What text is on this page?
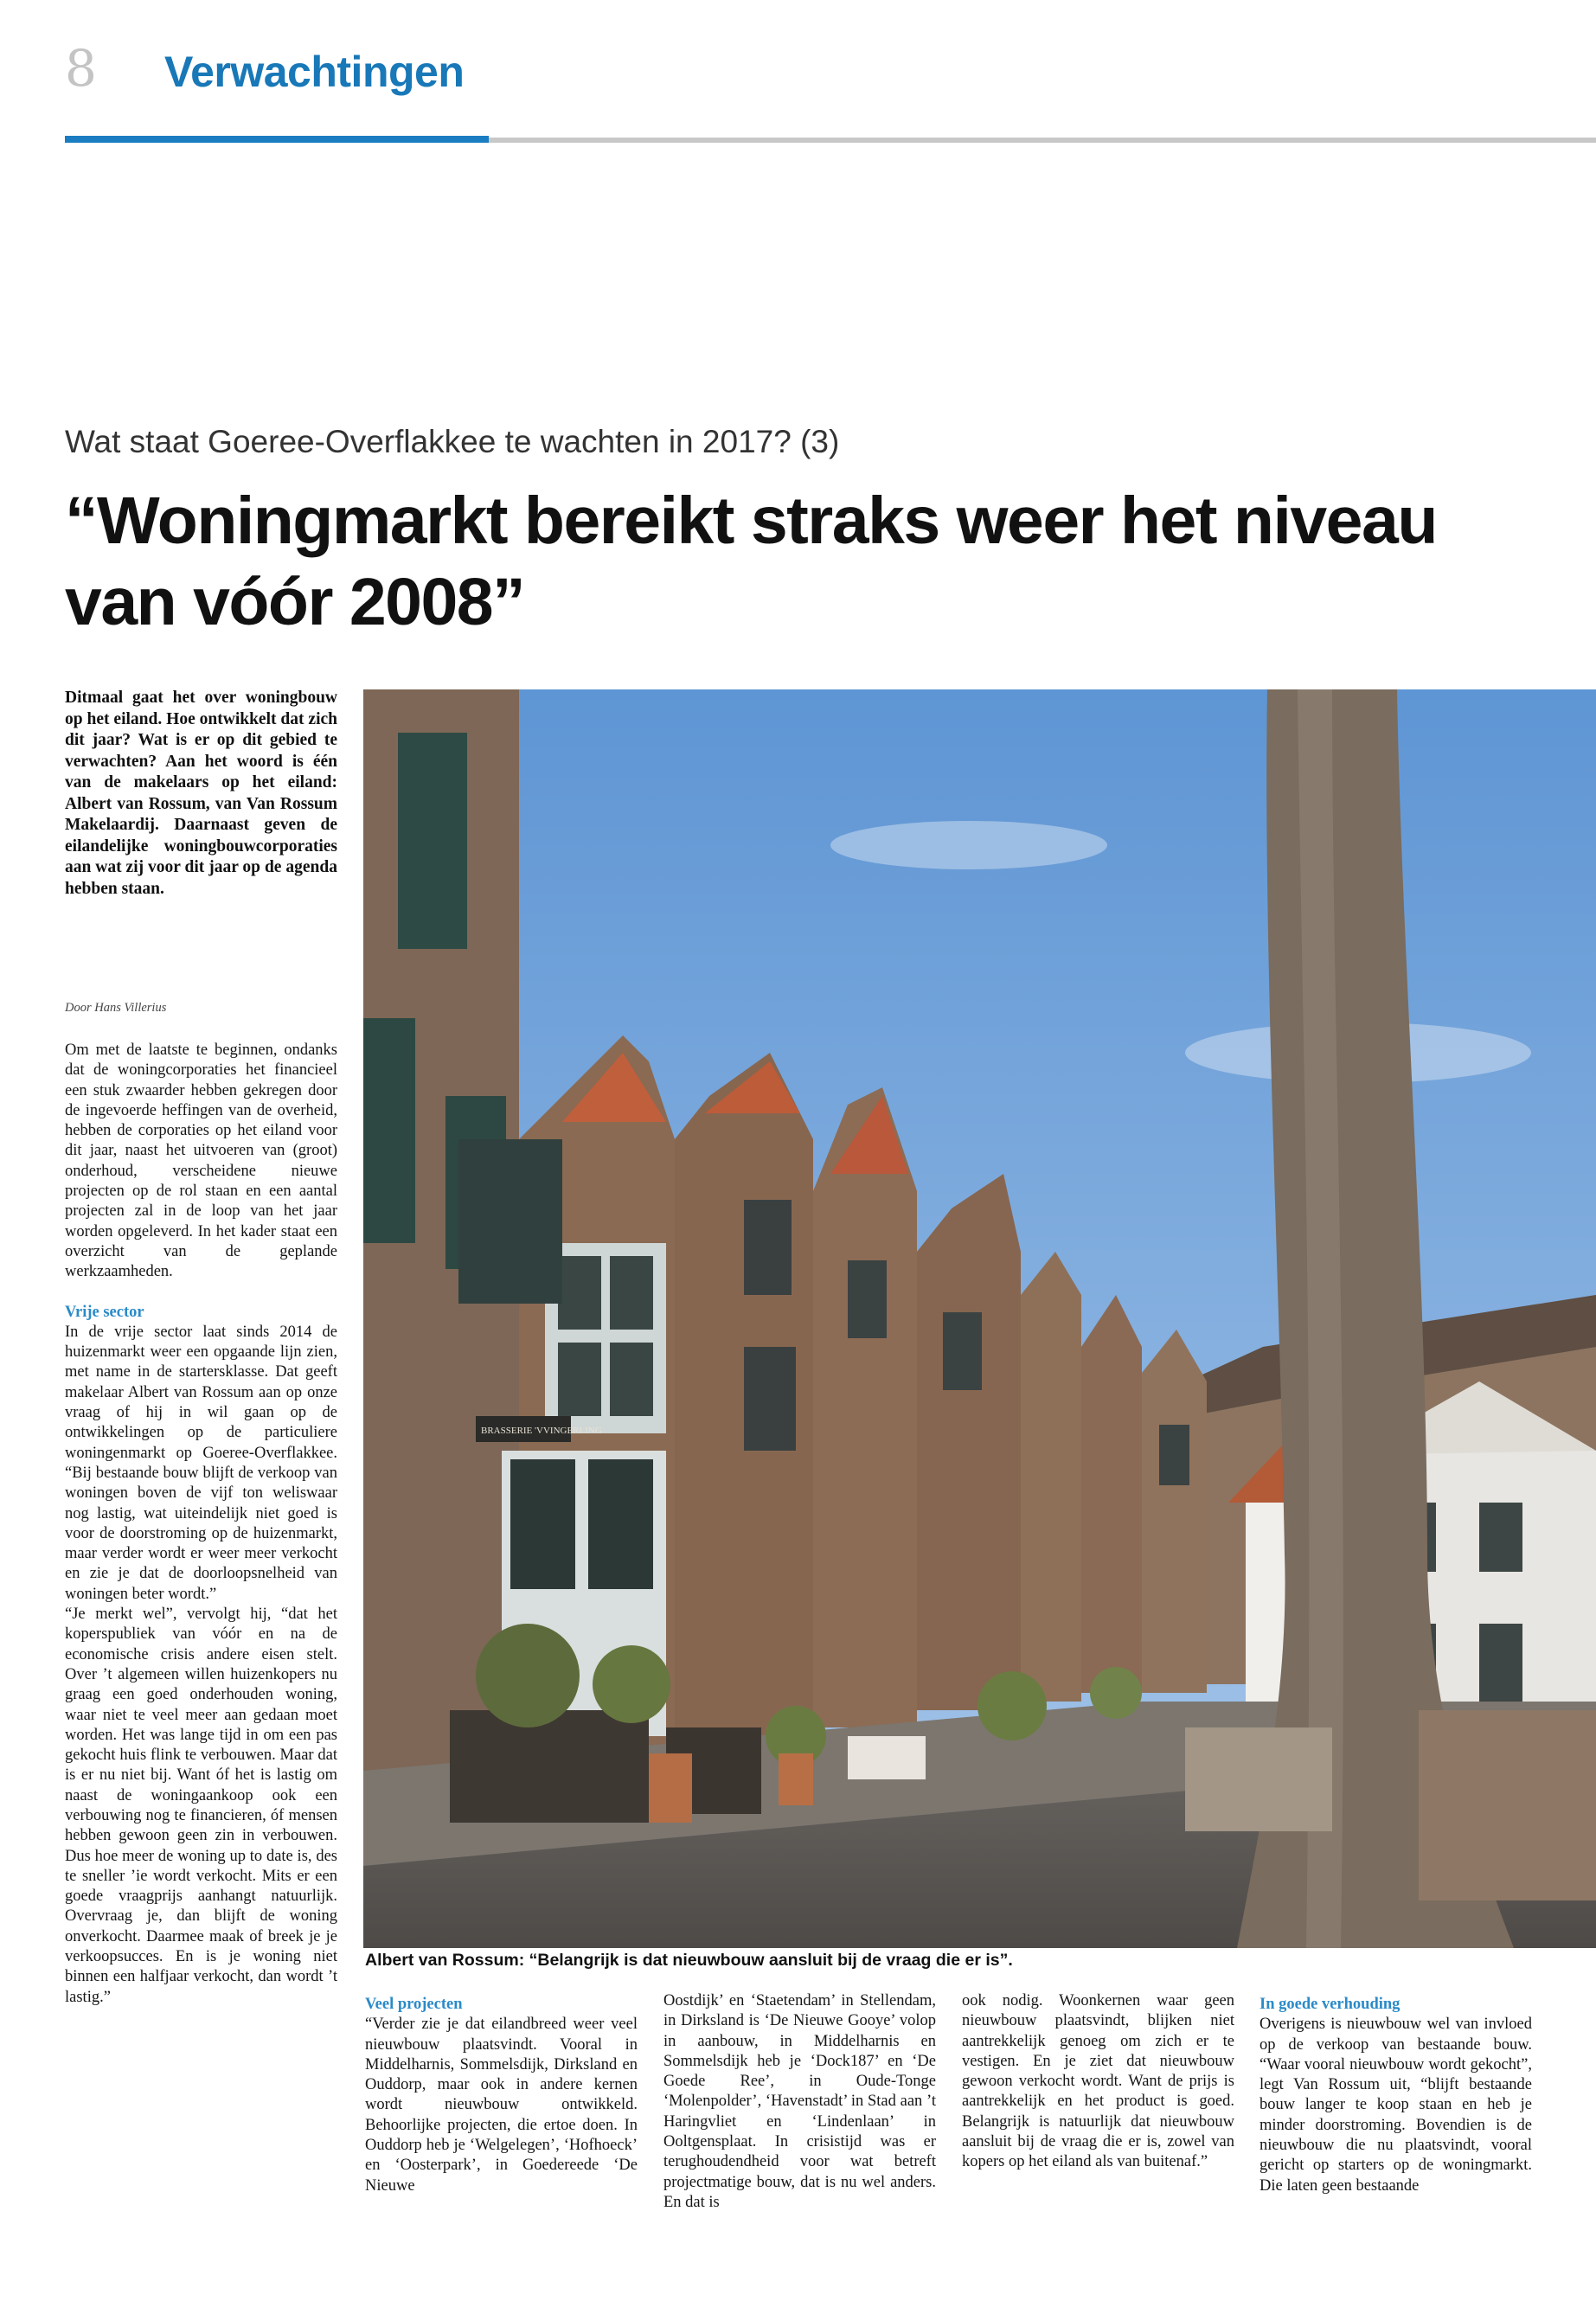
8 Verwachtingen
Wat staat Goeree-Overflakkee te wachten in 2017? (3)
“Woningmarkt bereikt straks weer het niveau van vóór 2008”

Ditmaal gaat het over woningbouw op het eiland. Hoe ontwikkelt dat zich dit jaar? Wat is er op dit gebied te verwachten? Aan het woord is één van de makelaars op het eiland: Albert van Rossum, van Van Rossum Makelaardij. Daarnaast geven de eilandelijke woningbouwcorporaties aan wat zij voor dit jaar op de agenda hebben staan.

Door Hans Villerius

Om met de laatste te beginnen, ondanks dat de woningcorporaties het financieel een stuk zwaarder hebben gekregen door de ingevoerde heffingen van de overheid, hebben de corporaties op het eiland voor dit jaar, naast het uitvoeren van (groot) onderhoud, verscheidene nieuwe projecten op de rol staan en een aantal projecten zal in de loop van het jaar worden opgeleverd. In het kader staat een overzicht van de geplande werkzaamheden.

Vrije sector

In de vrije sector laat sinds 2014 de huizenmarkt weer een opgaande lijn zien, met name in de startersklasse. Dat geeft makelaar Albert van Rossum aan op onze vraag of hij in wil gaan op de ontwikkelingen op de particuliere woningenmarkt op Goeree-Overflakkee. “Bij bestaande bouw blijft de verkoop van woningen boven de vijf ton weliswaar nog lastig, wat uiteindelijk niet goed is voor de doorstroming op de huizenmarkt, maar verder wordt er weer meer verkocht en zie je dat de doorloopsnelheid van woningen beter wordt.”

“Je merkt wel”, vervolgt hij, “dat het koperspubliek van vóór en na de economische crisis andere eisen stelt. Over ’t algemeen willen huizenkopers nu graag een goed onderhouden woning, waar niet te veel meer aan gedaan moet worden. Het was lange tijd in om een pas gekocht huis flink te verbouwen. Maar dat is er nu niet bij. Want óf het is lastig om naast de woningaankoop ook een verbouwing nog te financieren, óf mensen hebben gewoon geen zin in verbouwen. Dus hoe meer de woning up to date is, des te sneller ’ie wordt verkocht. Mits er een goede vraagprijs aanhangt natuurlijk. Overvraag je, dan blijft de woning onverkocht. Daarmee maak of breek je je verkoopsucces. En is je woning niet binnen een halfjaar verkocht, dan wordt ’t lastig.”

BRASSERIE 'VVINGERLING
Albert van Rossum: “Belangrijk is dat nieuwbouw aansluit bij de vraag die er is”.

Veel projecten

“Verder zie je dat eilandbreed weer veel nieuwbouw plaatsvindt. Vooral in Middelharnis, Sommelsdijk, Dirksland en Ouddorp, maar ook in andere kernen wordt nieuwbouw ontwikkeld. Behoorlijke projecten, die ertoe doen. In Ouddorp heb je ‘Welgelegen’, ‘Hofhoeck’ en ‘Oosterpark’, in Goedereede ‘De Nieuwe

Oostdijk’ en ‘Staetendam’ in Stellendam, in Dirksland is ‘De Nieuwe Gooye’ volop in aanbouw, in Middelharnis en Sommelsdijk heb je ‘Dock187’ en ‘De Goede Ree’, in Oude-Tonge ‘Molenpolder’, ‘Havenstadt’ in Stad aan ’t Haringvliet en ‘Lindenlaan’ in Ooltgensplaat. In crisistijd was er terughoudendheid voor wat betreft projectmatige bouw, dat is nu wel anders. En dat is

ook nodig. Woonkernen waar geen nieuwbouw plaatsvindt, blijken niet aantrekkelijk genoeg om zich er te vestigen. En je ziet dat nieuwbouw gewoon verkocht wordt. Want de prijs is aantrekkelijk en het product is goed. Belangrijk is natuurlijk dat nieuwbouw aansluit bij de vraag die er is, zowel van kopers op het eiland als van buitenaf.”

In goede verhouding

Overigens is nieuwbouw wel van invloed op de verkoop van bestaande bouw. “Waar vooral nieuwbouw wordt gekocht”, legt Van Rossum uit, “blijft bestaande bouw langer te koop staan en heb je minder doorstroming. Bovendien is de nieuwbouw die nu plaatsvindt, vooral gericht op starters op de woningmarkt. Die laten geen bestaande
